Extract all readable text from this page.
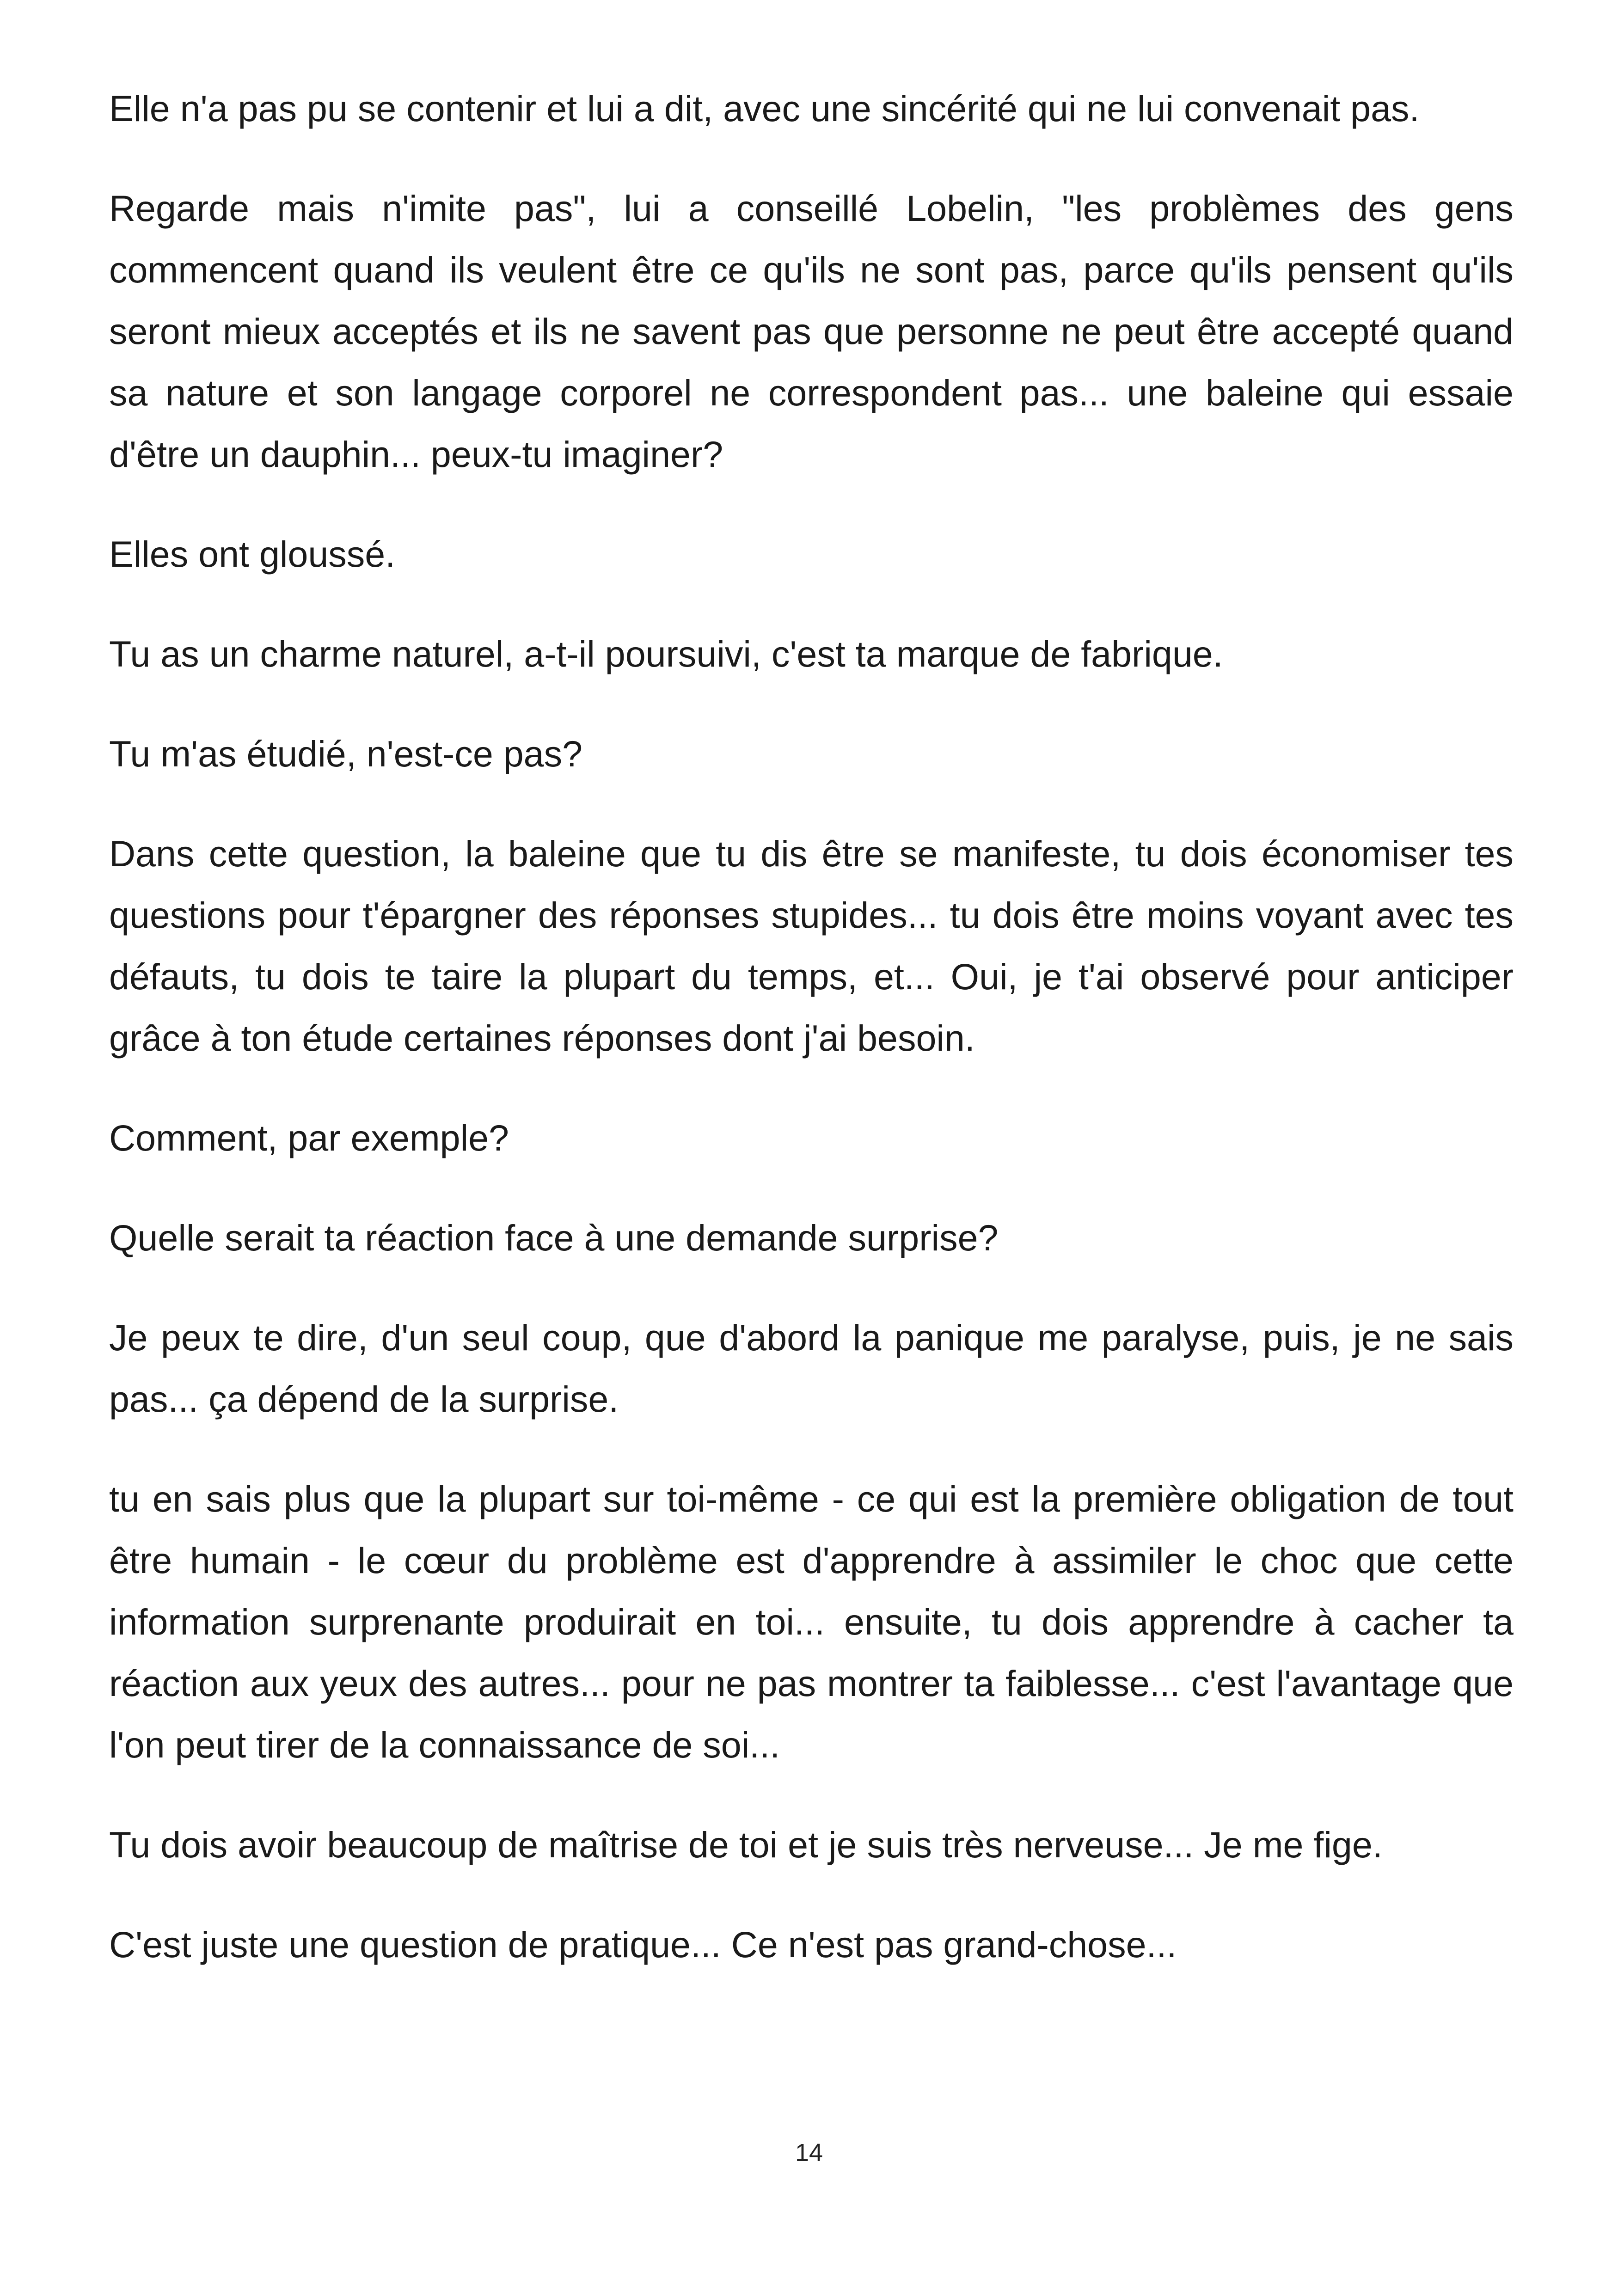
Elle n'a pas pu se contenir et lui a dit, avec une sincérité qui ne lui convenait pas.

Regarde mais n'imite pas", lui a conseillé Lobelin, "les problèmes des gens commencent quand ils veulent être ce qu'ils ne sont pas, parce qu'ils pensent qu'ils seront mieux acceptés et ils ne savent pas que personne ne peut être accepté quand sa nature et son langage corporel ne correspondent pas... une baleine qui essaie d'être un dauphin... peux-tu imaginer?

Elles ont gloussé.

Tu as un charme naturel, a-t-il poursuivi, c'est ta marque de fabrique.

Tu m'as étudié, n'est-ce pas?

Dans cette question, la baleine que tu dis être se manifeste, tu dois économiser tes questions pour t'épargner des réponses stupides... tu dois être moins voyant avec tes défauts, tu dois te taire la plupart du temps, et... Oui, je t'ai observé pour anticiper grâce à ton étude certaines réponses dont j'ai besoin.

Comment, par exemple?

Quelle serait ta réaction face à une demande surprise?

Je peux te dire, d'un seul coup, que d'abord la panique me paralyse, puis, je ne sais pas... ça dépend de la surprise.

tu en sais plus que la plupart sur toi-même - ce qui est la première obligation de tout être humain - le cœur du problème est d'apprendre à assimiler le choc que cette information surprenante produirait en toi... ensuite, tu dois apprendre à cacher ta réaction aux yeux des autres... pour ne pas montrer ta faiblesse... c'est l'avantage que l'on peut tirer de la connaissance de soi...

Tu dois avoir beaucoup de maîtrise de toi et je suis très nerveuse... Je me fige.

C'est juste une question de pratique... Ce n'est pas grand-chose...

14
